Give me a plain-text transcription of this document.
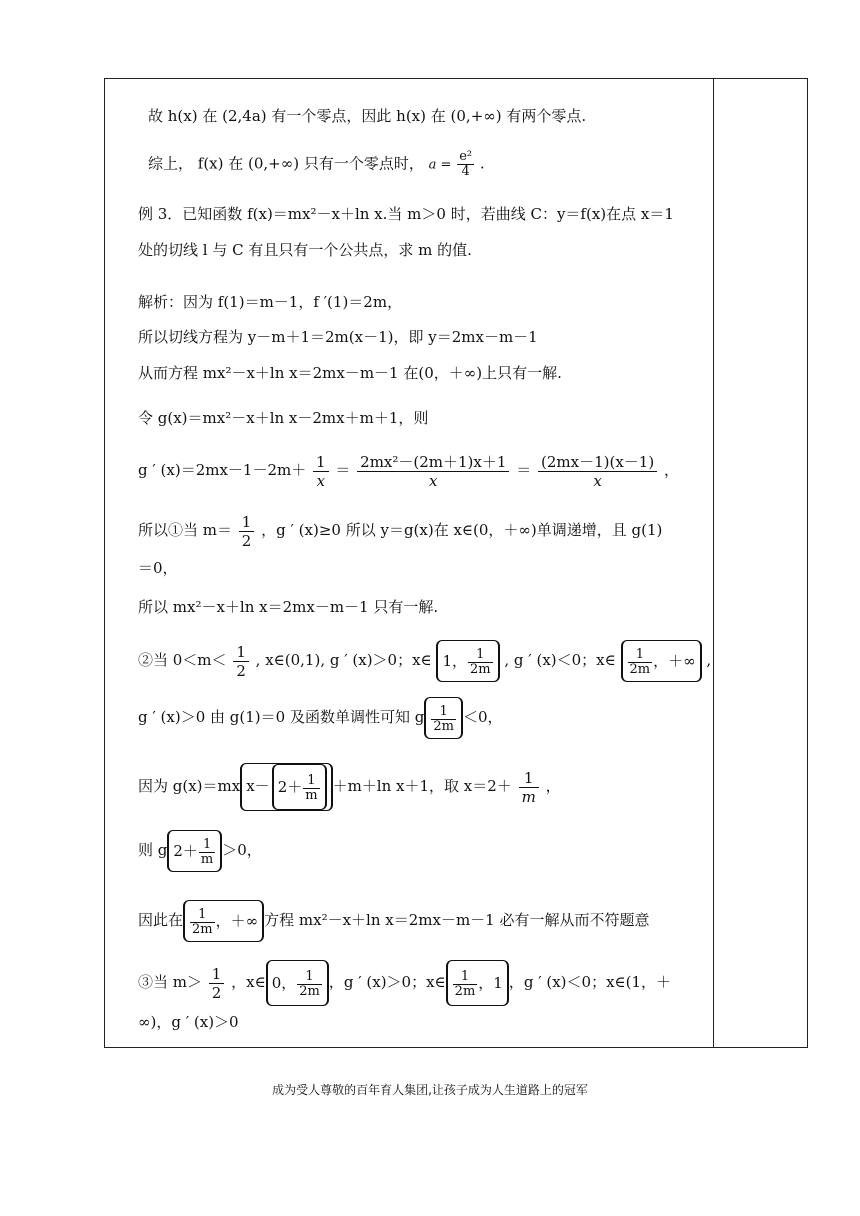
故 h(x) 在 (2,4a) 有一个零点，因此 h(x) 在 (0,+∞) 有两个零点.
综上， f(x) 在 (0,+∞) 只有一个零点时， $a = \frac{\text{e²}}{4}$ .
例 3．已知函数 f(x)＝mx²－x＋ln x.当 m＞0 时，若曲线 C：y＝f(x)在点 x＝1
处的切线 l 与 C 有且只有一个公共点，求 m 的值.
解析：因为 f(1)＝m－1，f ′(1)＝2m，
所以切线方程为 y－m＋1＝2m(x－1)，即 y＝2mx－m－1
从而方程 mx²－x＋ln x＝2mx－m－1 在(0，＋∞)上只有一解.
令 g(x)＝mx²－x＋ln x－2mx＋m＋1，则
g ′ $(x)=2mx-1-2m+ \frac{1}{x} = \frac{\text{2mx²－(2m＋1)x＋1}}{x} = \frac{(2mx-1)(x-1)}{x}$ ，
所以①当 $m= \frac{1}{2}$ ，g ′ (x)≥0 所以 y＝g(x)在 x∈(0，＋∞)单调递增，且 g(1)
＝0，
所以 mx²－x＋ln x＝2mx－m－1 只有一解.
②当 $0<m< \frac{1}{2}$ , x∈(0,1), g ′ (x)＞0；x∈ 1， $\frac{1}{2m}$ , g ′ (x)＜0；x∈ $\frac{1}{2m}$ ，＋∞ ,
g ′ (x)＞0 由 g(1)＝0 及函数单调性可知 g $\frac{1}{2m} <0$，
因为 g(x)＝mx $x- 2+ \frac{1}{m} +m+\ln$ x＋1，取 $x=2+ \frac{1}{m}$ ，
则 g $2+ \frac{1}{m} >0$，
因此在 $\frac{1}{2m}$ ，＋∞ 方程 mx²－x＋ln x＝2mx－m－1 必有一解从而不符题意
③当 $m> \frac{1}{2}$ ，x∈ 0， $\frac{1}{2m}$ ，g ′ (x)＞0；x∈ $\frac{1}{2m}$ ，1 ，g ′ (x)＜0；x∈(1，＋
∞)，g ′ (x)＞0
成为受人尊敬的百年育人集团,让孩子成为人生道路上的冠军
